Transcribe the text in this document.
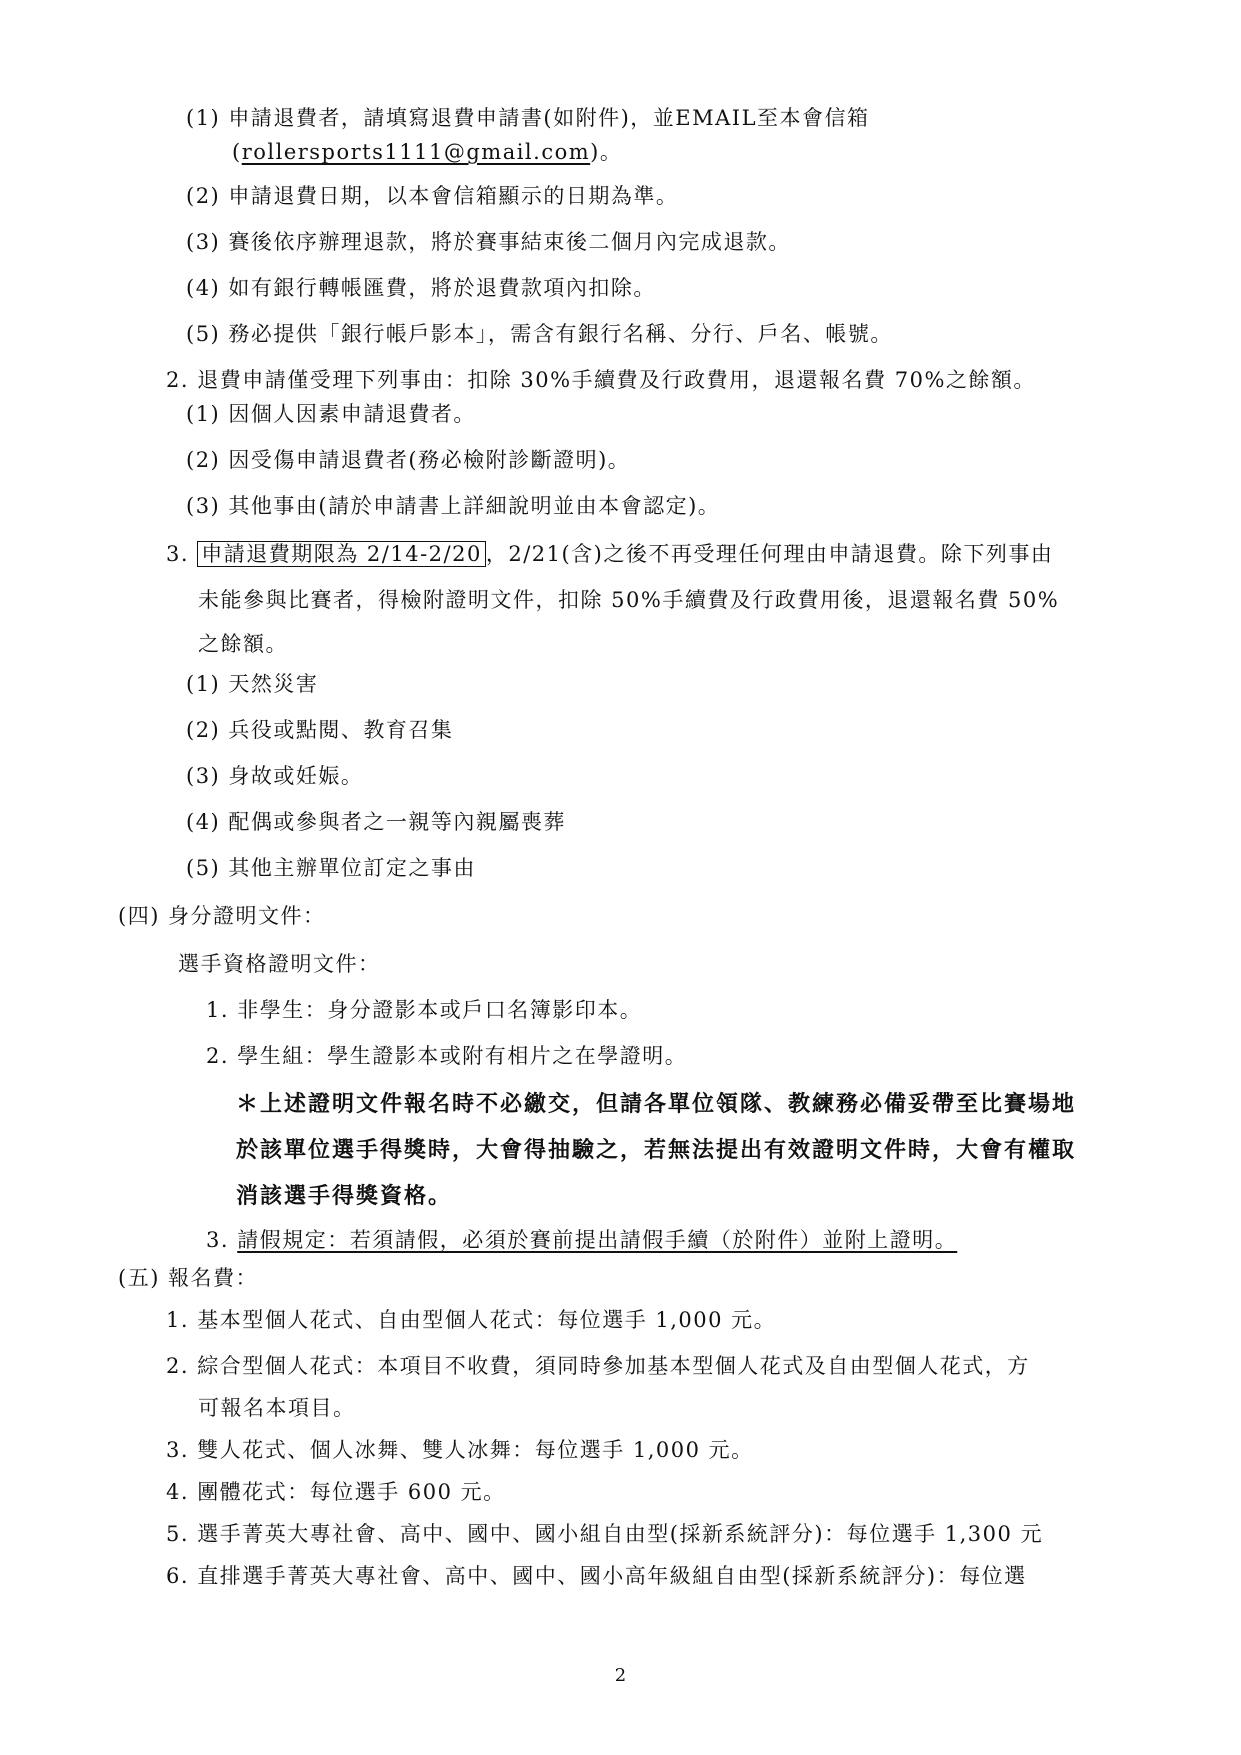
(1) 申請退費者，請填寫退費申請書(如附件)，並EMAIL至本會信箱
(rollersports1111@gmail.com)。
(2) 申請退費日期，以本會信箱顯示的日期為準。
(3) 賽後依序辦理退款，將於賽事結束後二個月內完成退款。
(4) 如有銀行轉帳匯費，將於退費款項內扣除。
(5) 務必提供「銀行帳戶影本」，需含有銀行名稱、分行、戶名、帳號。
2. 退費申請僅受理下列事由：扣除 30%手續費及行政費用，退還報名費 70%之餘額。
(1) 因個人因素申請退費者。
(2) 因受傷申請退費者(務必檢附診斷證明)。
(3) 其他事由(請於申請書上詳細說明並由本會認定)。
3. 申請退費期限為 2/14-2/20 ，2/21(含)之後不再受理任何理由申請退費。除下列事由
未能參與比賽者，得檢附證明文件，扣除 50%手續費及行政費用後，退還報名費 50%
之餘額。
(1) 天然災害
(2) 兵役或點閱、教育召集
(3) 身故或妊娠。
(4) 配偶或參與者之一親等內親屬喪葬
(5) 其他主辦單位訂定之事由
(四) 身分證明文件：
選手資格證明文件：
1. 非學生：身分證影本或戶口名簿影印本。
2. 學生組：學生證影本或附有相片之在學證明。
＊上述證明文件報名時不必繳交，但請各單位領隊、教練務必備妥帶至比賽場地
於該單位選手得獎時，大會得抽驗之，若無法提出有效證明文件時，大會有權取
消該選手得獎資格。
3. 請假規定：若須請假，必須於賽前提出請假手續（於附件）並附上證明。
(五) 報名費：
1. 基本型個人花式、自由型個人花式：每位選手 1,000 元。
2. 綜合型個人花式：本項目不收費，須同時參加基本型個人花式及自由型個人花式，方
可報名本項目。
3. 雙人花式、個人冰舞、雙人冰舞：每位選手 1,000 元。
4. 團體花式：每位選手 600 元。
5. 選手菁英大專社會、高中、國中、國小組自由型(採新系統評分)：每位選手 1,300 元
6. 直排選手菁英大專社會、高中、國中、國小高年級組自由型(採新系統評分)：每位選
2
